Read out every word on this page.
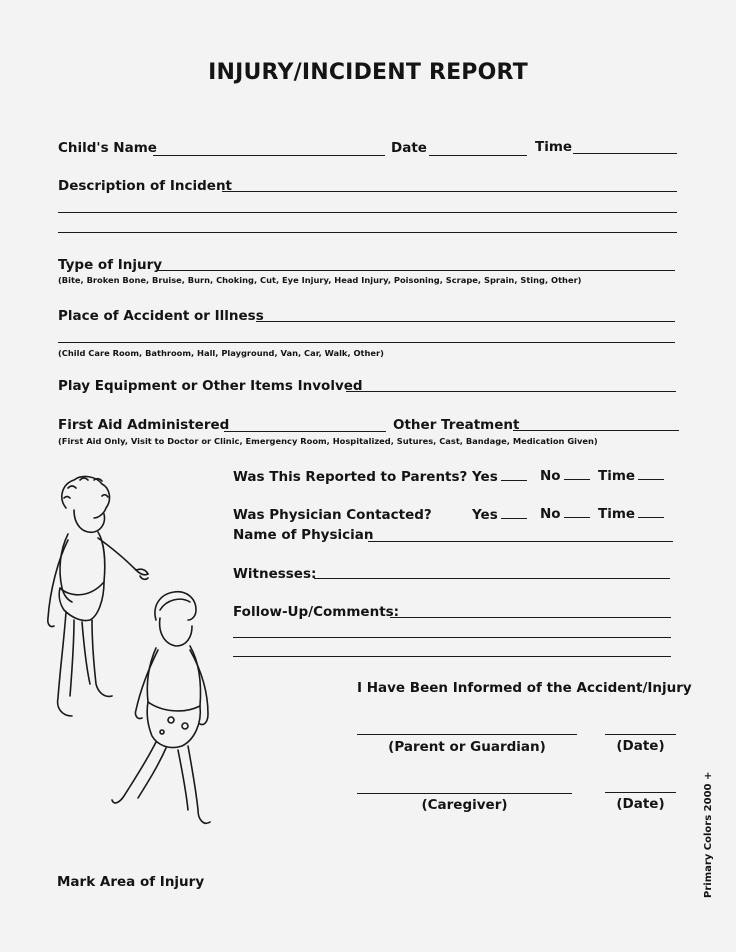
INJURY/INCIDENT REPORT
Child's Name	Date	Time
Description of Incident
Type of Injury
(Bite, Broken Bone, Bruise, Burn, Choking, Cut, Eye Injury, Head Injury, Poisoning, Scrape, Sprain, Sting, Other)
Place of Accident or Illness
(Child Care Room, Bathroom, Hall, Playground, Van, Car, Walk, Other)
Play Equipment or Other Items Involved
First Aid Administered	Other Treatment
(First Aid Only, Visit to Doctor or Clinic, Emergency Room, Hospitalized, Sutures, Cast, Bandage, Medication Given)
Was This Reported to Parents? Yes	No	Time
Was Physician Contacted?	Yes	No	Time
Name of Physician
Witnesses:
Follow-Up/Comments:
I Have Been Informed of the Accident/Injury
(Parent or Guardian)	(Date)
(Caregiver)	(Date)
Mark Area of Injury	Primary Colors 2000 +
